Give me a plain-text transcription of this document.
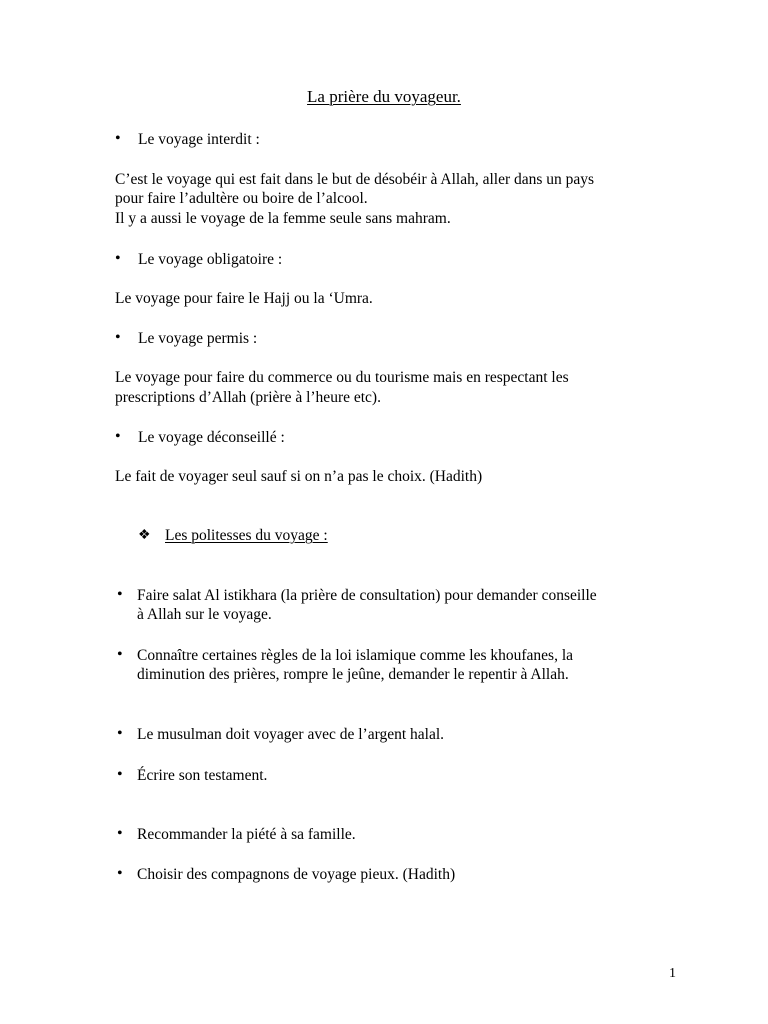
La prière du voyageur.
• Le voyage interdit :
C’est le voyage qui est fait dans le but de désobéir à Allah, aller dans un pays
pour faire l’adultère ou boire de l’alcool.
Il y a aussi le voyage de la femme seule sans mahram.
• Le voyage obligatoire :
Le voyage pour faire le Hajj ou la ‘Umra.
• Le voyage permis :
Le voyage pour faire du commerce ou du tourisme mais en respectant les
prescriptions d’Allah (prière à l’heure etc).
• Le voyage déconseillé :
Le fait de voyager seul sauf si on n’a pas le choix. (Hadith)
❖ Les politesses du voyage :
• Faire salat Al istikhara (la prière de consultation) pour demander conseille
à Allah sur le voyage.
• Connaître certaines règles de la loi islamique comme les khoufanes, la
diminution des prières, rompre le jeûne, demander le repentir à Allah.
• Le musulman doit voyager avec de l’argent halal.
• Écrire son testament.
• Recommander la piété à sa famille.
• Choisir des compagnons de voyage pieux. (Hadith)
1
